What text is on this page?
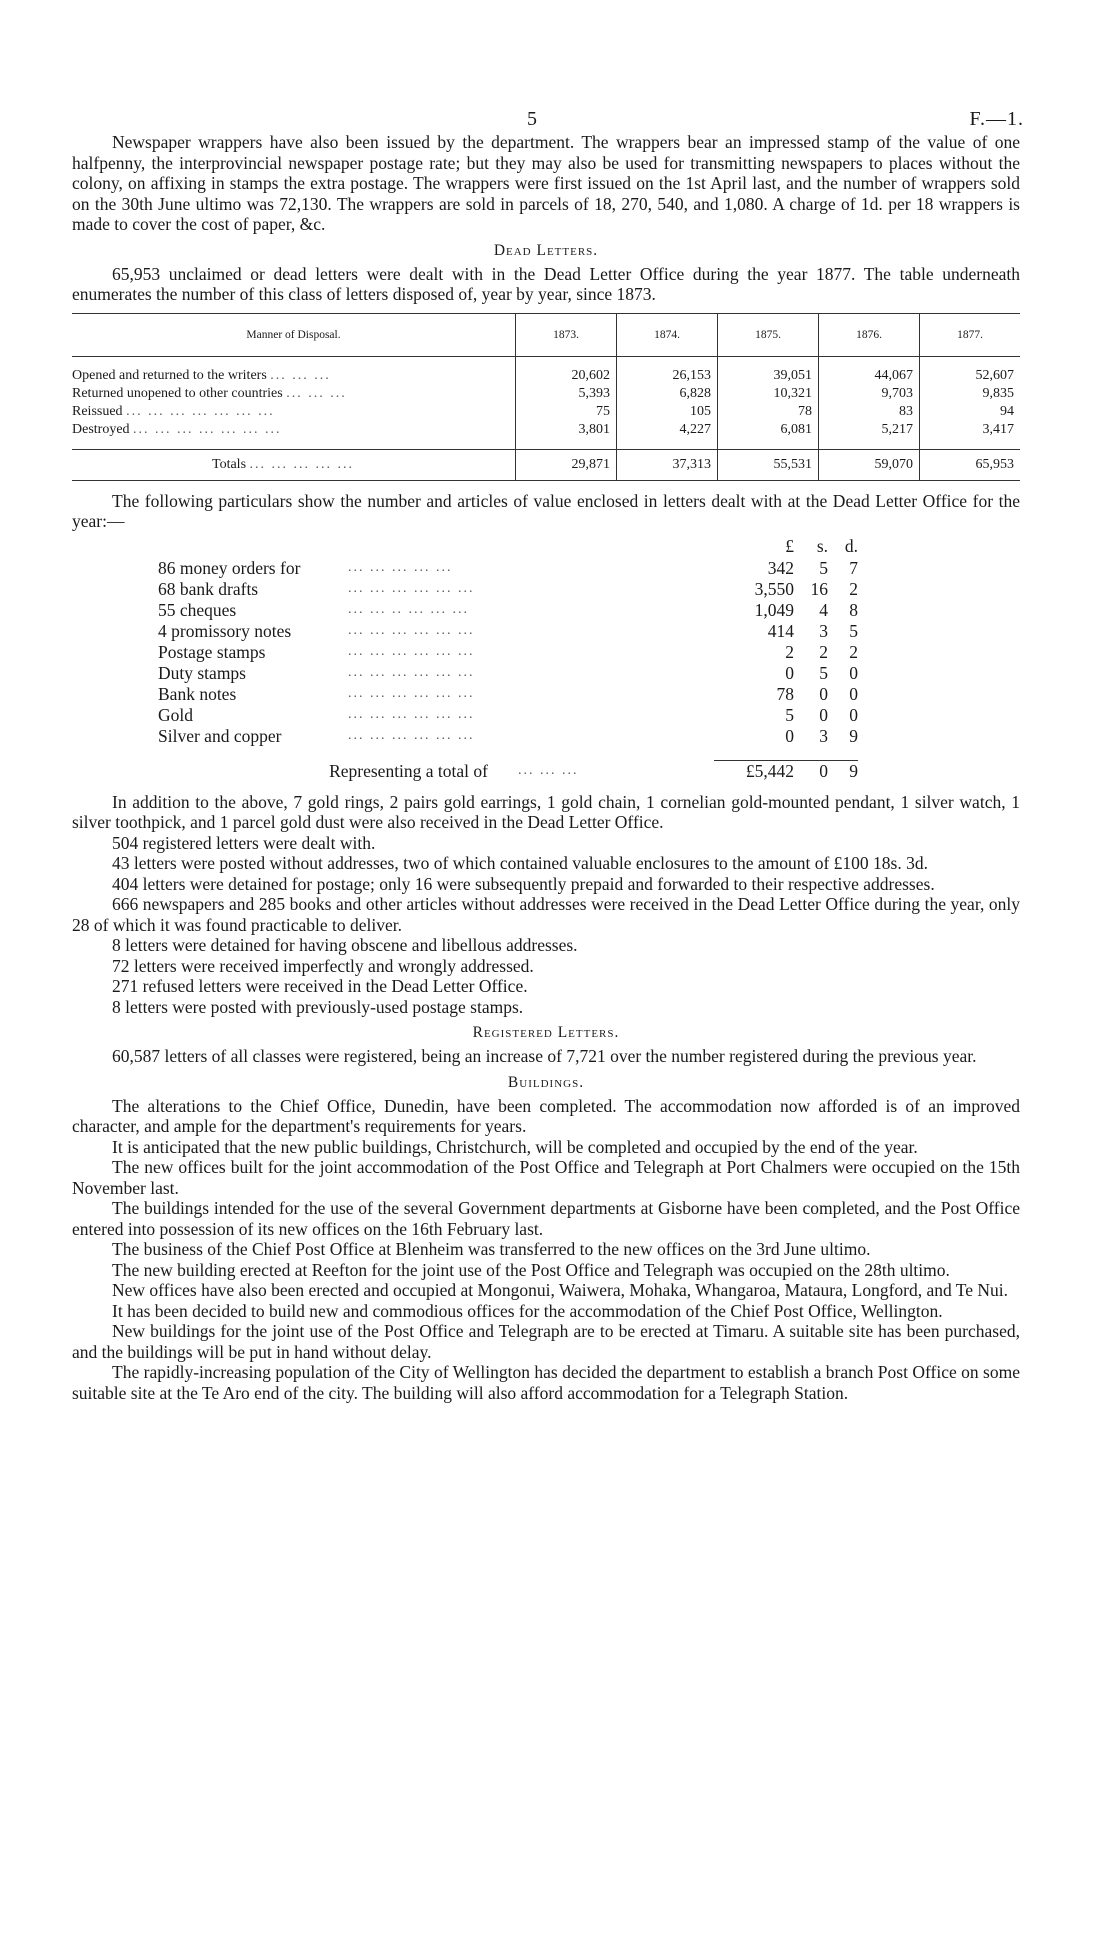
5	F.—1.

Newspaper wrappers have also been issued by the department. The wrappers bear an impressed stamp of the value of one halfpenny, the interprovincial newspaper postage rate; but they may also be used for transmitting newspapers to places without the colony, on affixing in stamps the extra postage. The wrappers were first issued on the 1st April last, and the number of wrappers sold on the 30th June ultimo was 72,130. The wrappers are sold in parcels of 18, 270, 540, and 1,080. A charge of 1d. per 18 wrappers is made to cover the cost of paper, &c.

Dead Letters.

65,953 unclaimed or dead letters were dealt with in the Dead Letter Office during the year 1877. The table underneath enumerates the number of this class of letters disposed of, year by year, since 1873.

Manner of Disposal.	1873.	1874.	1875.	1876.	1877.

Opened and returned to the writers ... ... ...	20,602	26,153	39,051	44,067	52,607
Returned unopened to other countries ... ... ...	5,393	6,828	10,321	9,703	9,835
Reissued ... ... ... ... ... ... ...	75	105	78	83	94
Destroyed ... ... ... ... ... ... ...	3,801	4,227	6,081	5,217	3,417

Totals ... ... ... ... ...	29,871	37,313	55,531	59,070	65,953

The following particulars show the number and articles of value enclosed in letters dealt with at the Dead Letter Office for the year:—

£	s. d.
86 money orders for	... ... ... ... ...	342	5	7
68 bank drafts	... ... ... ... ... ...	3,550 16	2
55 cheques	... ... .. ... ... ...	1,049	4	8
4 promissory notes	... ... ... ... ... ...	414	3	5
Postage stamps	... ... ... ... ... ...	2	2	2
Duty stamps	... ... ... ... ... ...	0	5	0
Bank notes	... ... ... ... ... ...	78	0	0
Gold	... ... ... ... ... ...	5	0	0
Silver and copper	... ... ... ... ... ...	0	3	9
Representing a total of	... ... ...	£5,442	0	9

In addition to the above, 7 gold rings, 2 pairs gold earrings, 1 gold chain, 1 cornelian gold-mounted pendant, 1 silver watch, 1 silver toothpick, and 1 parcel gold dust were also received in the Dead Letter Office.

504 registered letters were dealt with.

43 letters were posted without addresses, two of which contained valuable enclosures to the amount of £100 18s. 3d.

404 letters were detained for postage; only 16 were subsequently prepaid and forwarded to their respective addresses.

666 newspapers and 285 books and other articles without addresses were received in the Dead Letter Office during the year, only 28 of which it was found practicable to deliver.

8 letters were detained for having obscene and libellous addresses.

72 letters were received imperfectly and wrongly addressed.

271 refused letters were received in the Dead Letter Office.

8 letters were posted with previously-used postage stamps.

Registered Letters.

60,587 letters of all classes were registered, being an increase of 7,721 over the number registered during the previous year.

Buildings.

The alterations to the Chief Office, Dunedin, have been completed. The accommodation now afforded is of an improved character, and ample for the department's requirements for years.

It is anticipated that the new public buildings, Christchurch, will be completed and occupied by the end of the year.

The new offices built for the joint accommodation of the Post Office and Telegraph at Port Chalmers were occupied on the 15th November last.

The buildings intended for the use of the several Government departments at Gisborne have been completed, and the Post Office entered into possession of its new offices on the 16th February last.

The business of the Chief Post Office at Blenheim was transferred to the new offices on the 3rd June ultimo.

The new building erected at Reefton for the joint use of the Post Office and Telegraph was occupied on the 28th ultimo.

New offices have also been erected and occupied at Mongonui, Waiwera, Mohaka, Whangaroa, Mataura, Longford, and Te Nui.

It has been decided to build new and commodious offices for the accommodation of the Chief Post Office, Wellington.

New buildings for the joint use of the Post Office and Telegraph are to be erected at Timaru. A suitable site has been purchased, and the buildings will be put in hand without delay.

The rapidly-increasing population of the City of Wellington has decided the department to establish a branch Post Office on some suitable site at the Te Aro end of the city. The building will also afford accommodation for a Telegraph Station.
